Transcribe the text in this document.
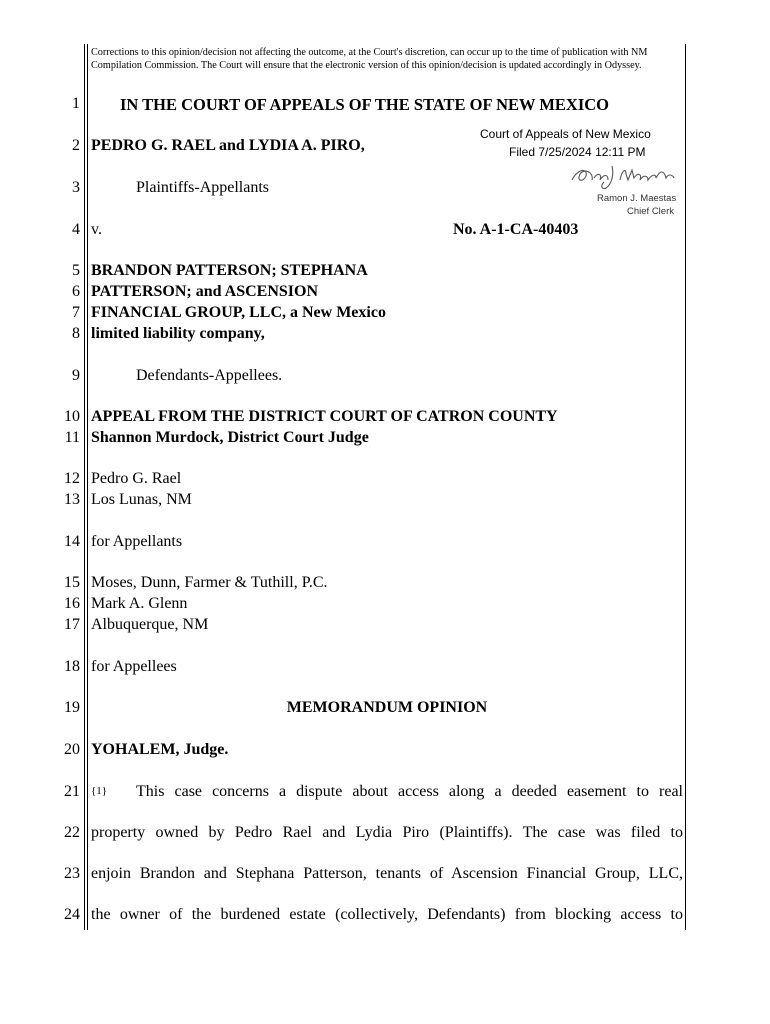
Corrections to this opinion/decision not affecting the outcome, at the Court's discretion, can occur up to the time of publication with NM Compilation Commission. The Court will ensure that the electronic version of this opinion/decision is updated accordingly in Odyssey.
1
2
3
4
5
6
7
8
9
10
11
12
13
14
15
16
17
18
19
20
21
22
23
24
IN THE COURT OF APPEALS OF THE STATE OF NEW MEXICO
PEDRO G. RAEL and LYDIA A. PIRO,
Plaintiffs-Appellants
v.	No. A-1-CA-40403
Court of Appeals of New Mexico
Filed 7/25/2024 12:11 PM
Ramon J. Maestas
Chief Clerk
BRANDON PATTERSON; STEPHANA
PATTERSON; and ASCENSION
FINANCIAL GROUP, LLC, a New Mexico
limited liability company,
Defendants-Appellees.
APPEAL FROM THE DISTRICT COURT OF CATRON COUNTY
Shannon Murdock, District Court Judge
Pedro G. Rael
Los Lunas, NM
for Appellants
Moses, Dunn, Farmer & Tuthill, P.C.
Mark A. Glenn
Albuquerque, NM
for Appellees
MEMORANDUM OPINION
YOHALEM, Judge.
{1} This case concerns a dispute about access along a deeded easement to real
property owned by Pedro Rael and Lydia Piro (Plaintiffs). The case was filed to
enjoin Brandon and Stephana Patterson, tenants of Ascension Financial Group, LLC,
the owner of the burdened estate (collectively, Defendants) from blocking access to
